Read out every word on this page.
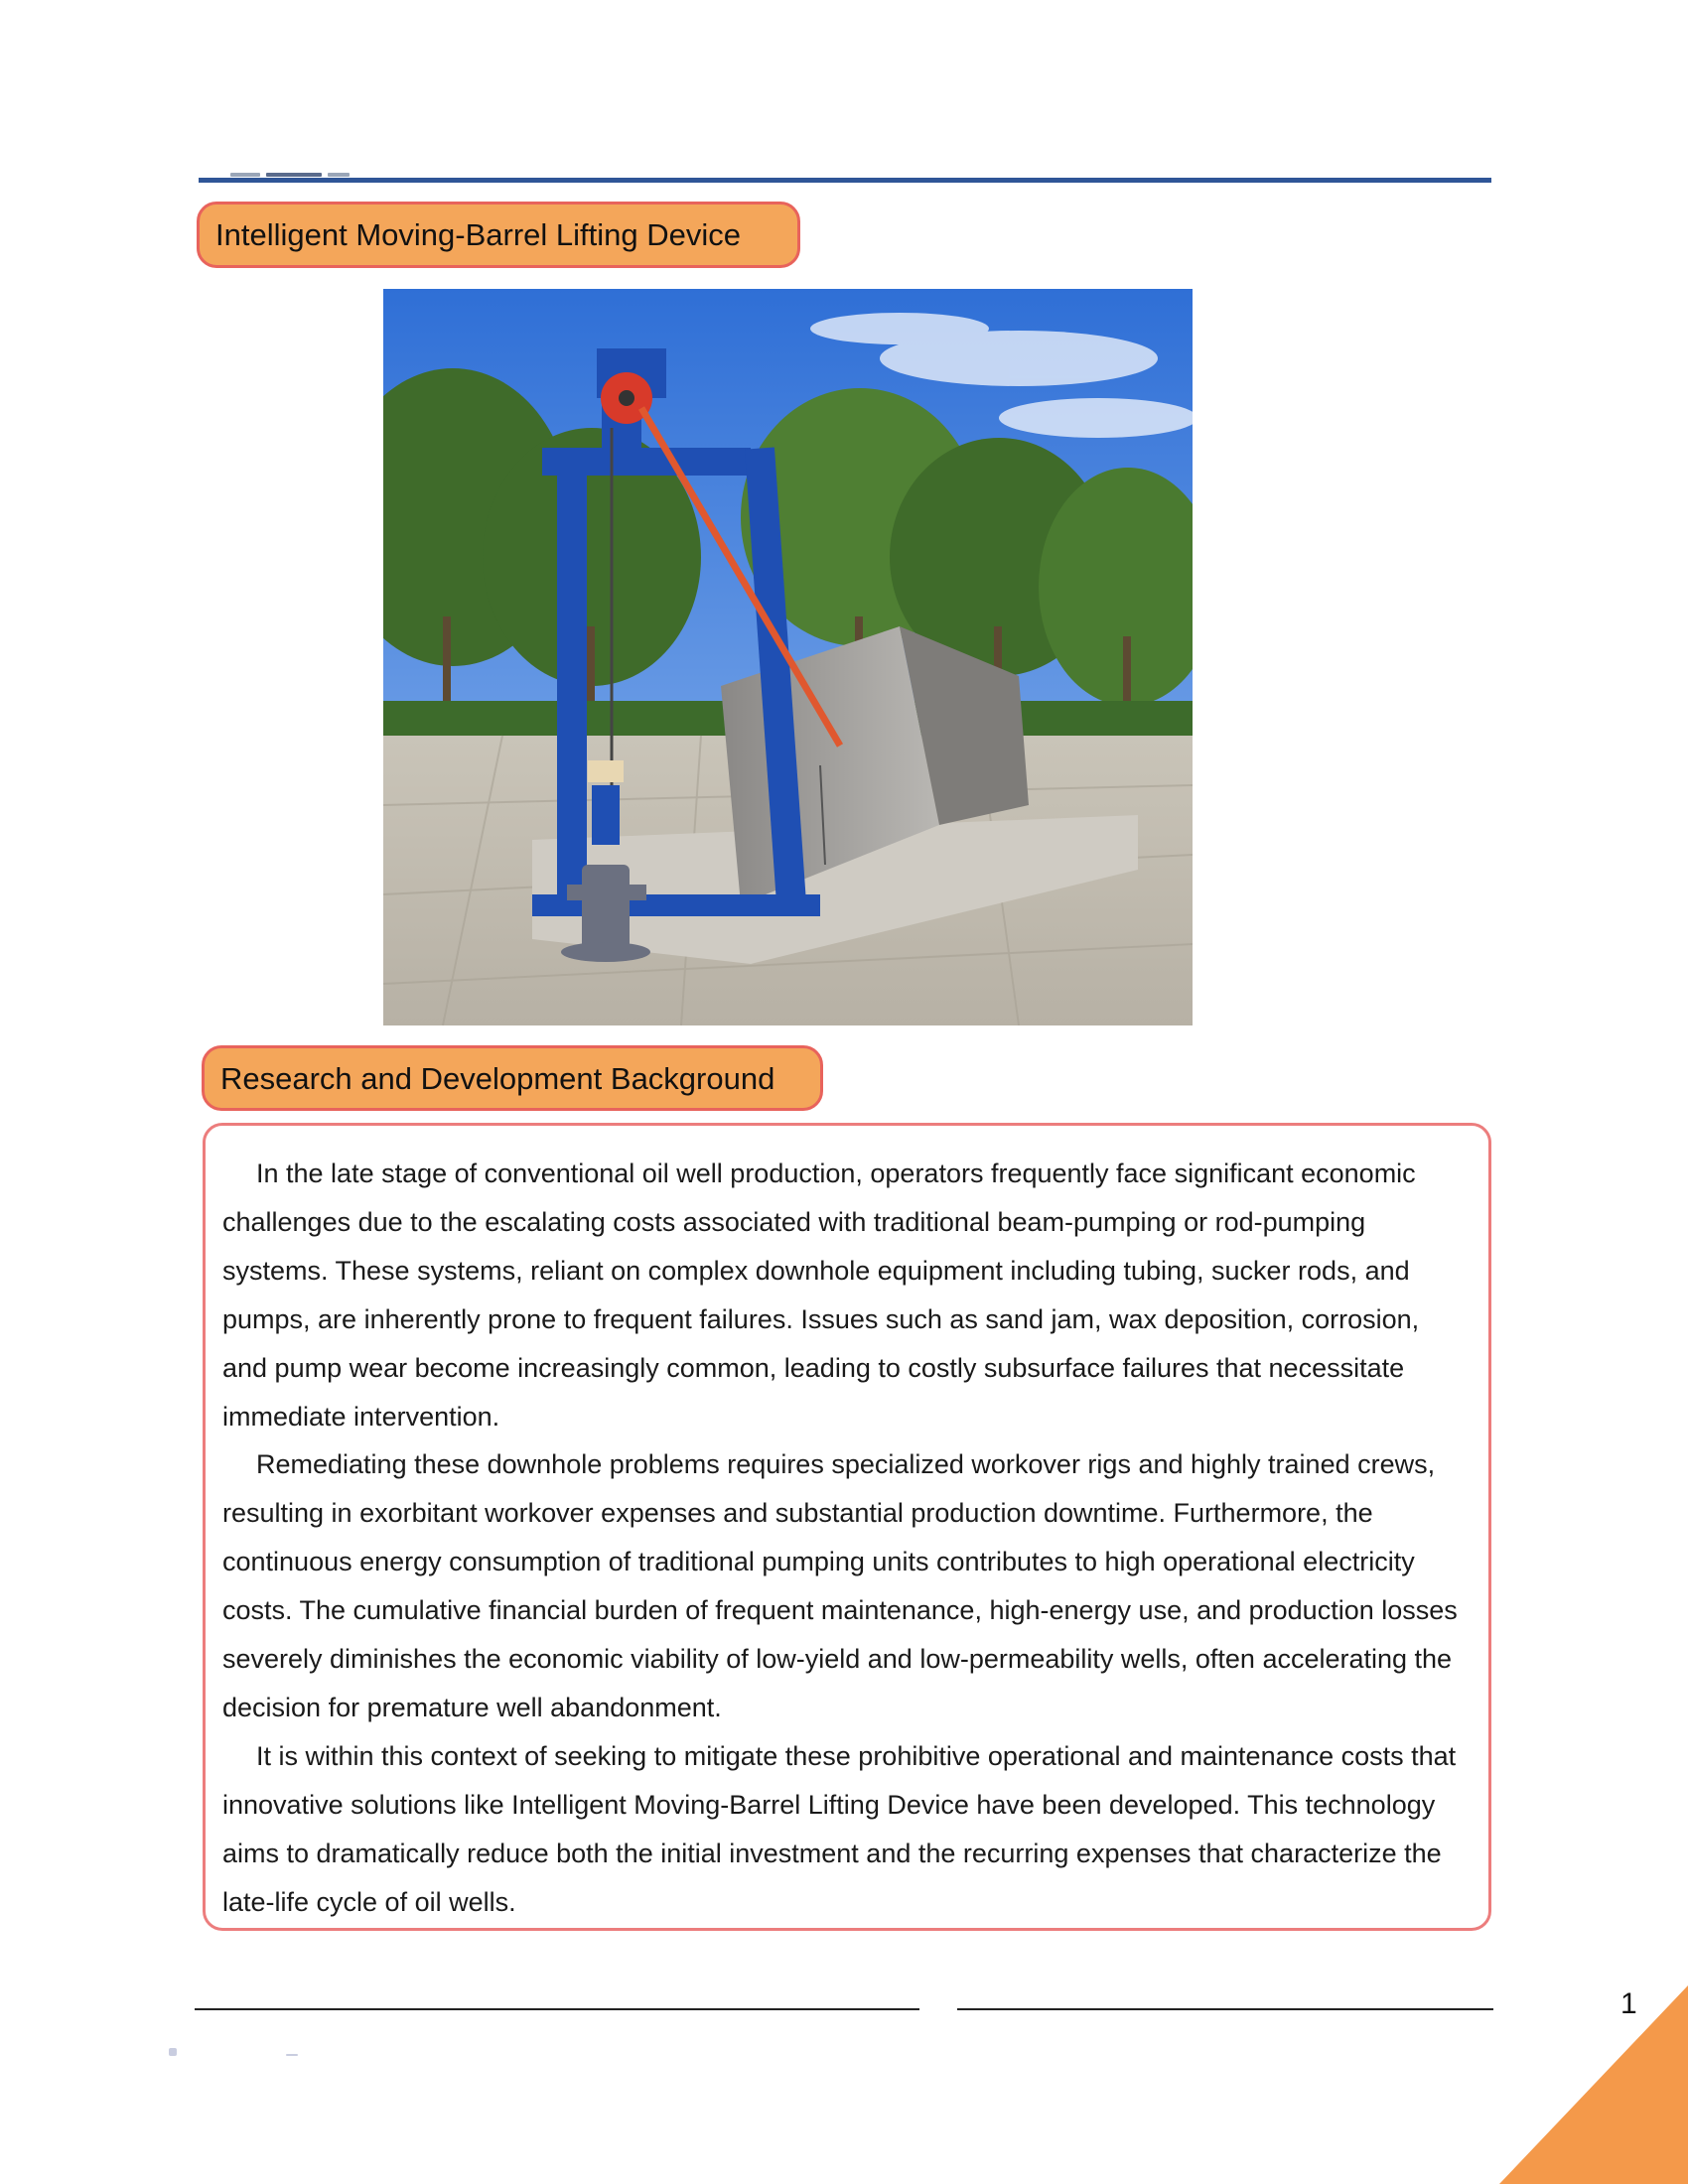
Intelligent Moving-Barrel Lifting Device
Research and Development Background

In the late stage of conventional oil well production, operators frequently face significant economic challenges due to the escalating costs associated with traditional beam-pumping or rod-pumping systems. These systems, reliant on complex downhole equipment including tubing, sucker rods, and pumps, are inherently prone to frequent failures. Issues such as sand jam, wax deposition, corrosion, and pump wear become increasingly common, leading to costly subsurface failures that necessitate immediate intervention.

Remediating these downhole problems requires specialized workover rigs and highly trained crews, resulting in exorbitant workover expenses and substantial production downtime. Furthermore, the continuous energy consumption of traditional pumping units contributes to high operational electricity costs. The cumulative financial burden of frequent maintenance, high-energy use, and production losses severely diminishes the economic viability of low-yield and low-permeability wells, often accelerating the decision for premature well abandonment.

It is within this context of seeking to mitigate these prohibitive operational and maintenance costs that innovative solutions like Intelligent Moving-Barrel Lifting Device have been developed. This technology aims to dramatically reduce both the initial investment and the recurring expenses that characterize the late-life cycle of oil wells.

1
